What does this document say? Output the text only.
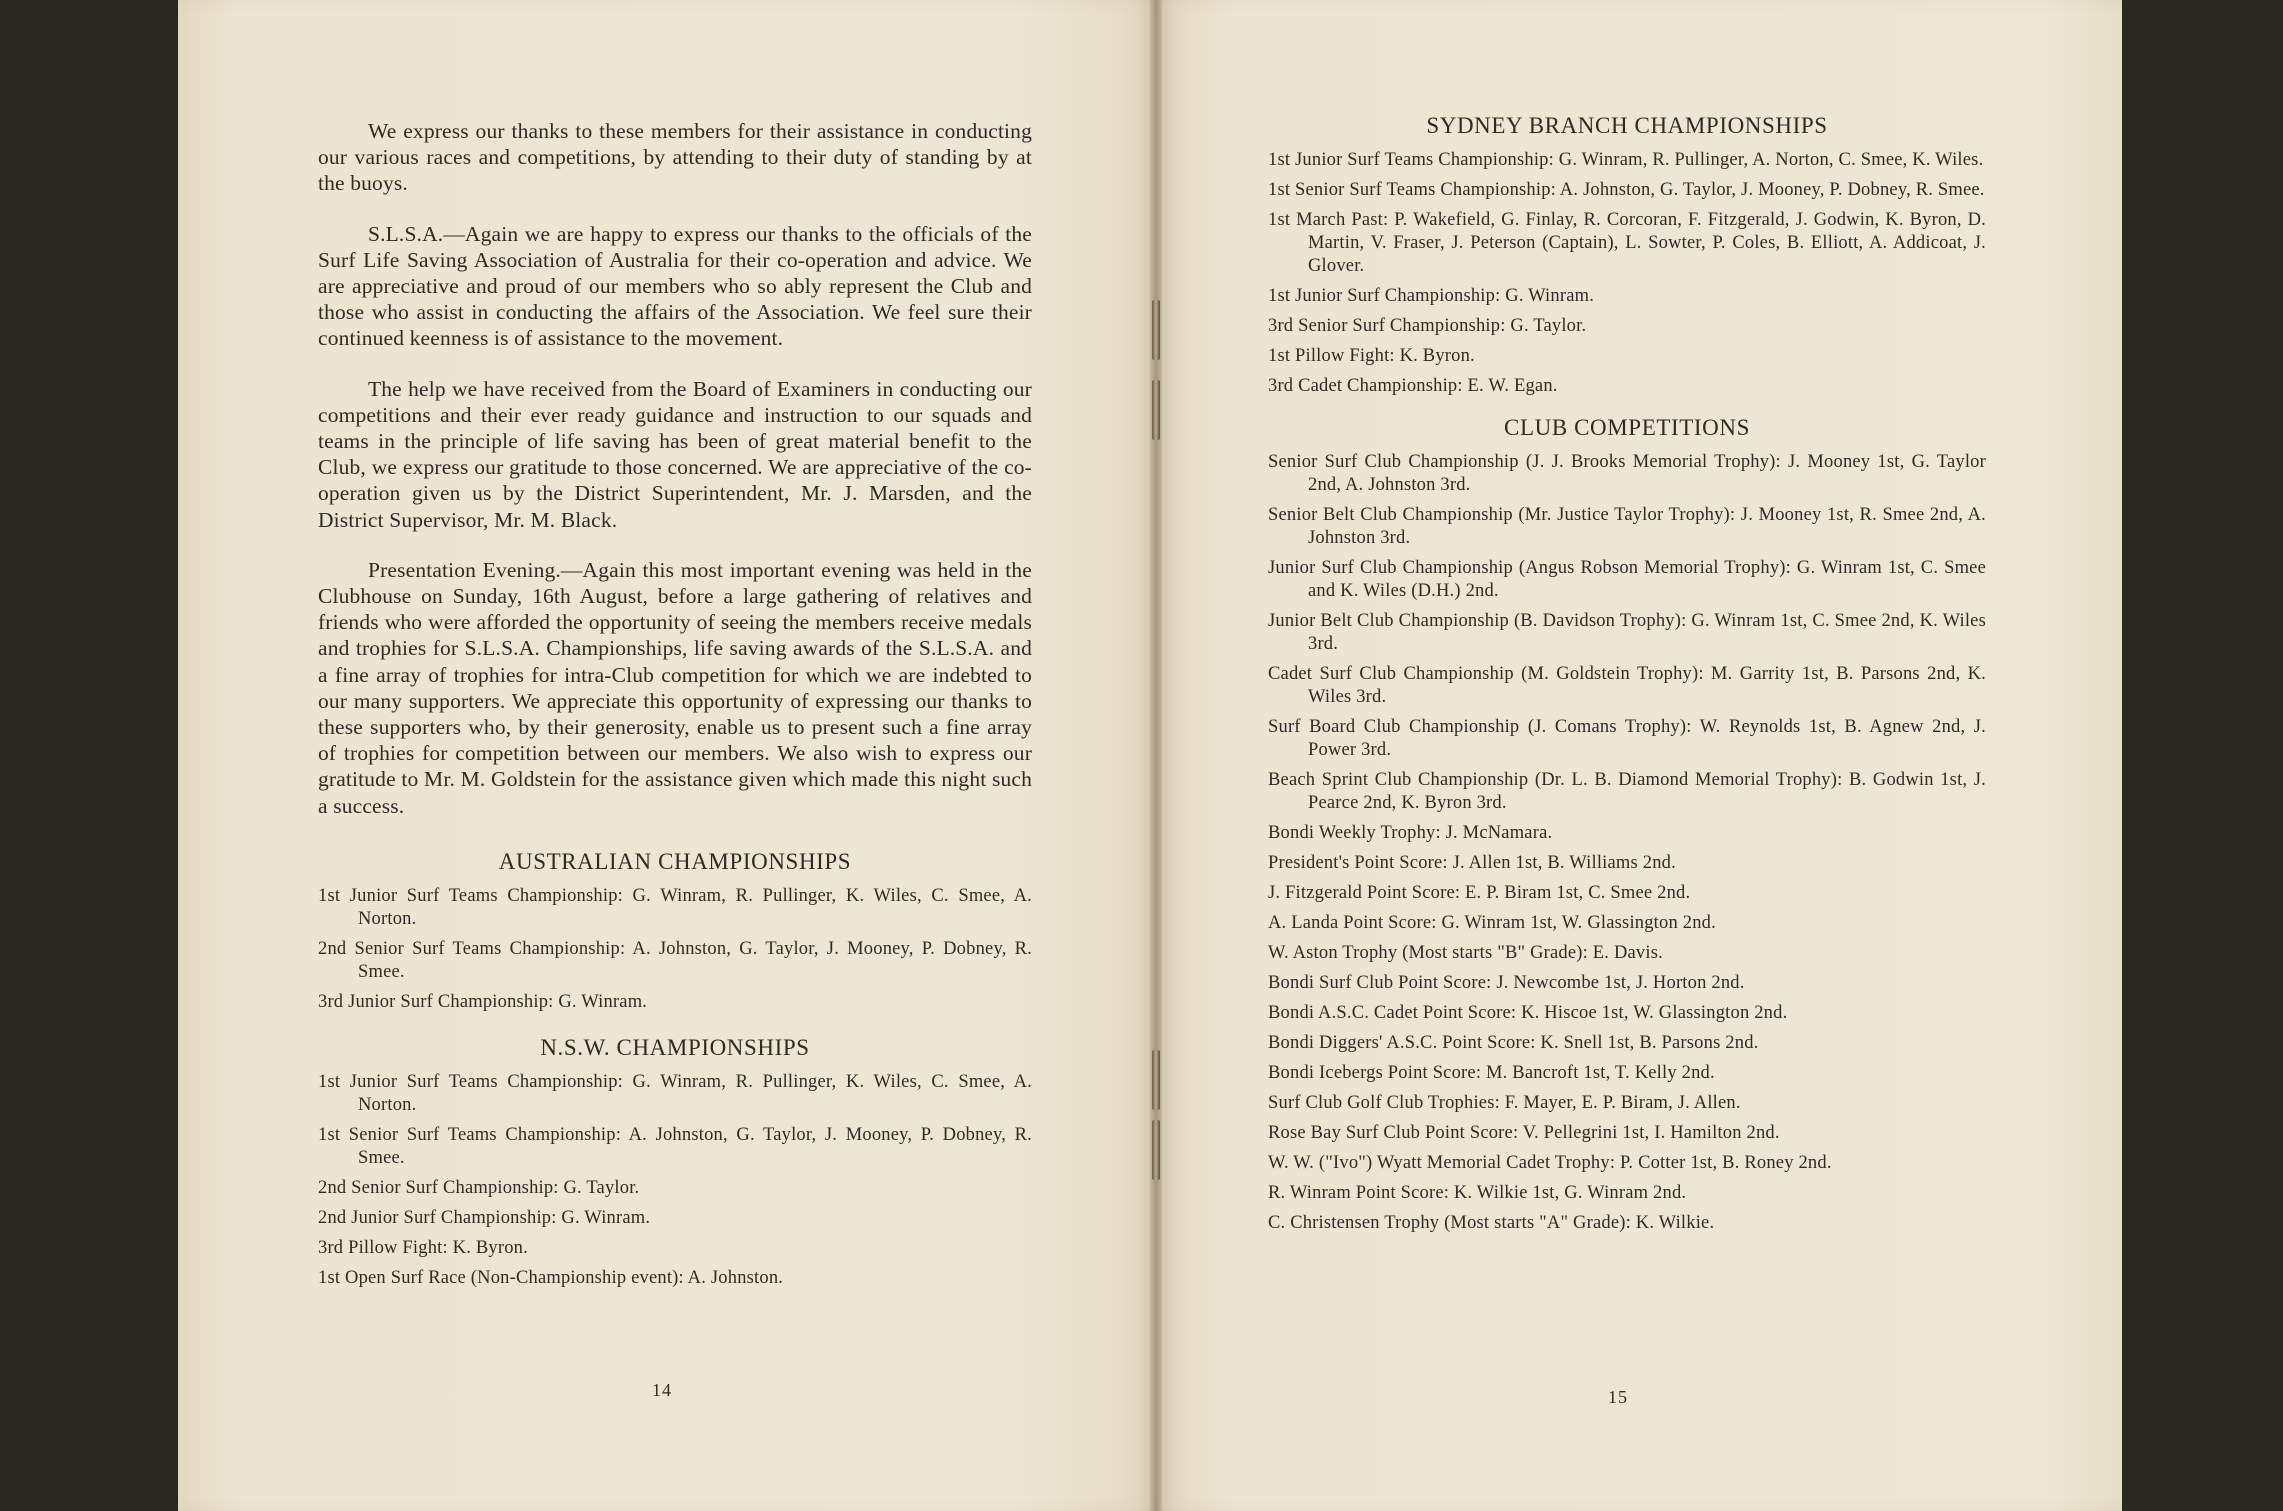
We express our thanks to these members for their assistance in conducting our various races and competitions, by attending to their duty of standing by at the buoys.

S.L.S.A.—Again we are happy to express our thanks to the officials of the Surf Life Saving Association of Australia for their co-operation and advice. We are appreciative and proud of our members who so ably represent the Club and those who assist in conducting the affairs of the Association. We feel sure their continued keenness is of assistance to the movement.

The help we have received from the Board of Examiners in conducting our competitions and their ever ready guidance and instruction to our squads and teams in the principle of life saving has been of great material benefit to the Club, we express our gratitude to those concerned. We are appreciative of the co-operation given us by the District Superintendent, Mr. J. Marsden, and the District Supervisor, Mr. M. Black.

Presentation Evening.—Again this most important evening was held in the Clubhouse on Sunday, 16th August, before a large gathering of relatives and friends who were afforded the opportunity of seeing the members receive medals and trophies for S.L.S.A. Championships, life saving awards of the S.L.S.A. and a fine array of trophies for intra-Club competition for which we are indebted to our many supporters. We appreciate this opportunity of expressing our thanks to these supporters who, by their generosity, enable us to present such a fine array of trophies for competition between our members. We also wish to express our gratitude to Mr. M. Goldstein for the assistance given which made this night such a success.

AUSTRALIAN CHAMPIONSHIPS
1st Junior Surf Teams Championship: G. Winram, R. Pullinger, K. Wiles, C. Smee, A. Norton.
2nd Senior Surf Teams Championship: A. Johnston, G. Taylor, J. Mooney, P. Dobney, R. Smee.
3rd Junior Surf Championship: G. Winram.
N.S.W. CHAMPIONSHIPS
1st Junior Surf Teams Championship: G. Winram, R. Pullinger, K. Wiles, C. Smee, A. Norton.
1st Senior Surf Teams Championship: A. Johnston, G. Taylor, J. Mooney, P. Dobney, R. Smee.
2nd Senior Surf Championship: G. Taylor.
2nd Junior Surf Championship: G. Winram.
3rd Pillow Fight: K. Byron.
1st Open Surf Race (Non-Championship event): A. Johnston.
14
SYDNEY BRANCH CHAMPIONSHIPS
1st Junior Surf Teams Championship: G. Winram, R. Pullinger, A. Norton, C. Smee, K. Wiles.
1st Senior Surf Teams Championship: A. Johnston, G. Taylor, J. Mooney, P. Dobney, R. Smee.
1st March Past: P. Wakefield, G. Finlay, R. Corcoran, F. Fitzgerald, J. Godwin, K. Byron, D. Martin, V. Fraser, J. Peterson (Captain), L. Sowter, P. Coles, B. Elliott, A. Addicoat, J. Glover.
1st Junior Surf Championship: G. Winram.
3rd Senior Surf Championship: G. Taylor.
1st Pillow Fight: K. Byron.
3rd Cadet Championship: E. W. Egan.
CLUB COMPETITIONS
Senior Surf Club Championship (J. J. Brooks Memorial Trophy): J. Mooney 1st, G. Taylor 2nd, A. Johnston 3rd.
Senior Belt Club Championship (Mr. Justice Taylor Trophy): J. Mooney 1st, R. Smee 2nd, A. Johnston 3rd.
Junior Surf Club Championship (Angus Robson Memorial Trophy): G. Winram 1st, C. Smee and K. Wiles (D.H.) 2nd.
Junior Belt Club Championship (B. Davidson Trophy): G. Winram 1st, C. Smee 2nd, K. Wiles 3rd.
Cadet Surf Club Championship (M. Goldstein Trophy): M. Garrity 1st, B. Parsons 2nd, K. Wiles 3rd.
Surf Board Club Championship (J. Comans Trophy): W. Reynolds 1st, B. Agnew 2nd, J. Power 3rd.
Beach Sprint Club Championship (Dr. L. B. Diamond Memorial Trophy): B. Godwin 1st, J. Pearce 2nd, K. Byron 3rd.
Bondi Weekly Trophy: J. McNamara.
President's Point Score: J. Allen 1st, B. Williams 2nd.
J. Fitzgerald Point Score: E. P. Biram 1st, C. Smee 2nd.
A. Landa Point Score: G. Winram 1st, W. Glassington 2nd.
W. Aston Trophy (Most starts "B" Grade): E. Davis.
Bondi Surf Club Point Score: J. Newcombe 1st, J. Horton 2nd.
Bondi A.S.C. Cadet Point Score: K. Hiscoe 1st, W. Glassington 2nd.
Bondi Diggers' A.S.C. Point Score: K. Snell 1st, B. Parsons 2nd.
Bondi Icebergs Point Score: M. Bancroft 1st, T. Kelly 2nd.
Surf Club Golf Club Trophies: F. Mayer, E. P. Biram, J. Allen.
Rose Bay Surf Club Point Score: V. Pellegrini 1st, I. Hamilton 2nd.
W. W. ("Ivo") Wyatt Memorial Cadet Trophy: P. Cotter 1st, B. Roney 2nd.
R. Winram Point Score: K. Wilkie 1st, G. Winram 2nd.
C. Christensen Trophy (Most starts "A" Grade): K. Wilkie.
15
